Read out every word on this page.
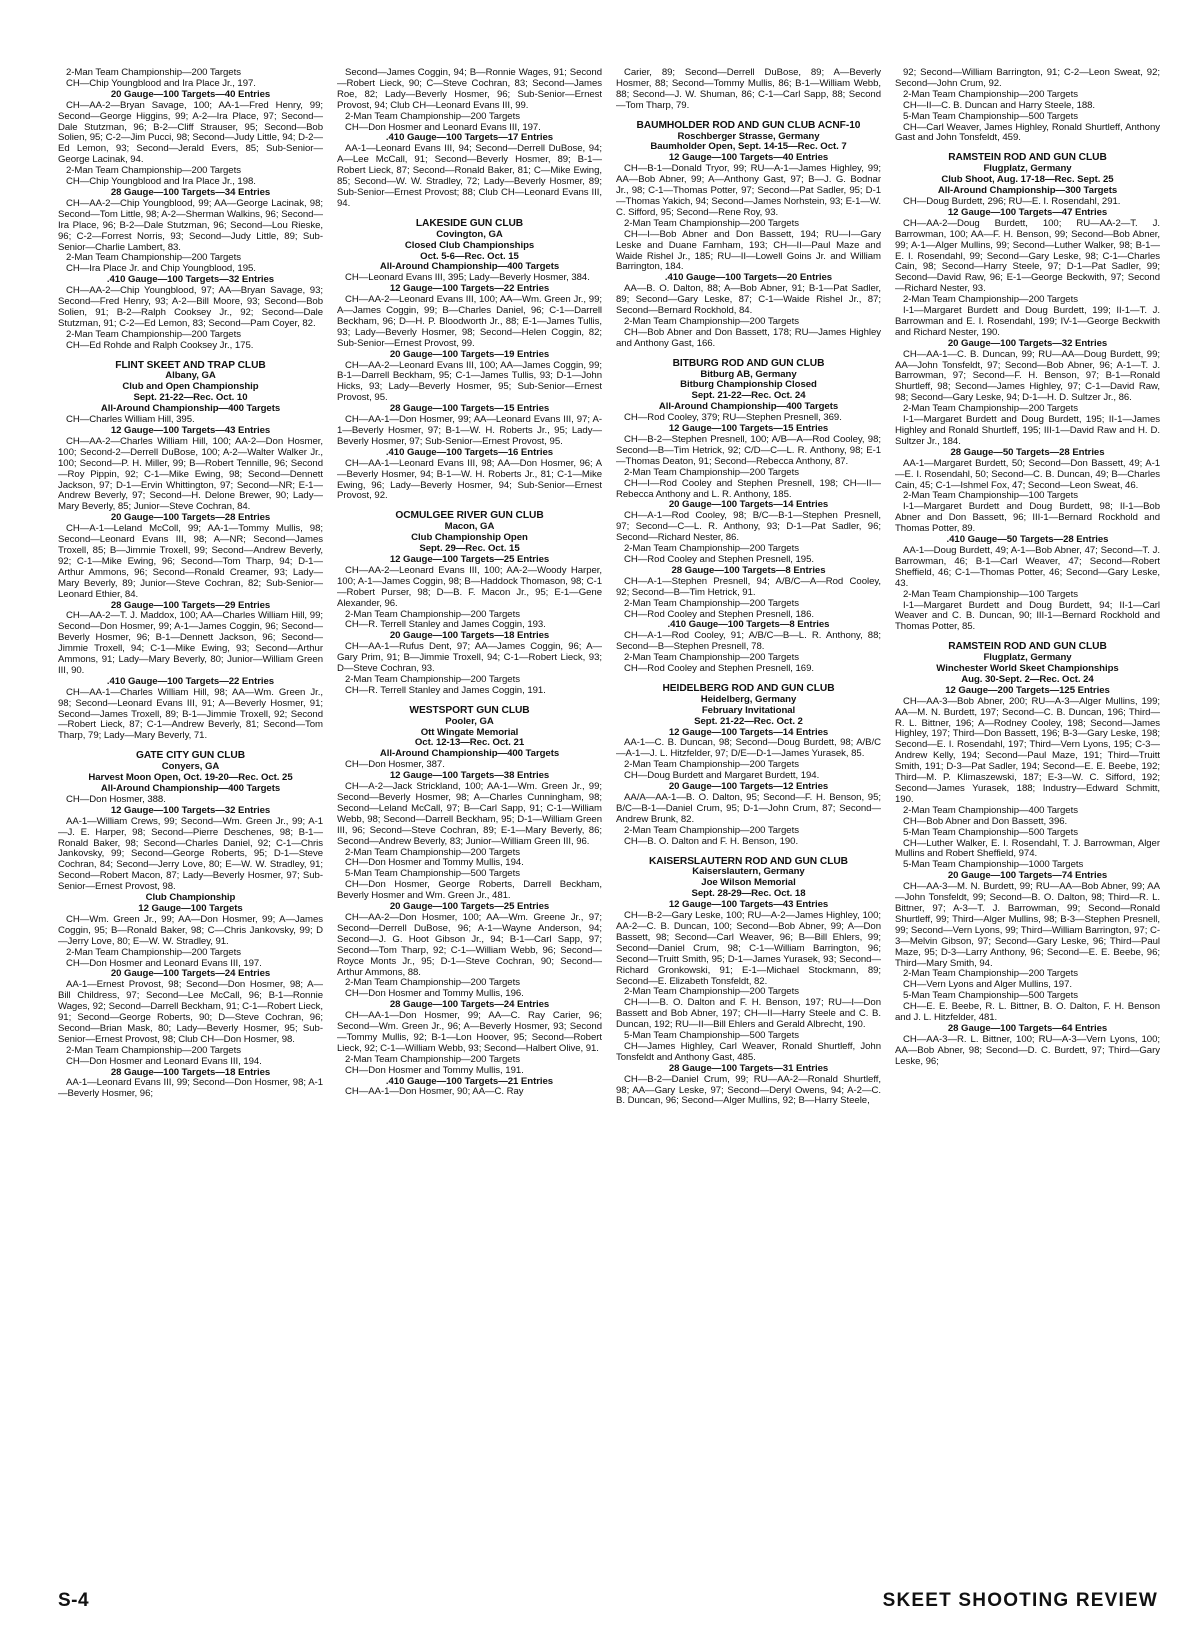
2-Man Team Championship—200 Targets

CH—Chip Youngblood and Ira Place Jr., 197.

20 Gauge—100 Targets—40 Entries

CH—AA-2—Bryan Savage, 100; AA-1—Fred Henry, 99; Second—George Higgins, 99; A-2—Ira Place, 97; Second—Dale Stutzman, 96; B-2—Cliff Strauser, 95; Second—Bob Solien, 95; C-2—Jim Pucci, 98; Second—Judy Little, 94; D-2—Ed Lemon, 93; Second—Jerald Evers, 85; Sub-Senior—George Lacinak, 94.

2-Man Team Championship—200 Targets

CH—Chip Youngblood and Ira Place Jr., 198.

28 Gauge—100 Targets—34 Entries

CH—AA-2—Chip Youngblood, 99; AA—George Lacinak, 98; Second—Tom Little, 98; A-2—Sherman Walkins, 96; Second—Ira Place, 96; B-2—Dale Stutzman, 96; Second—Lou Rieske, 96; C-2—Forrest Norris, 93; Second—Judy Little, 89; Sub-Senior—Charlie Lambert, 83.

2-Man Team Championship—200 Targets

CH—Ira Place Jr. and Chip Youngblood, 195.

.410 Gauge—100 Targets—32 Entries

CH—AA-2—Chip Youngblood, 97; AA—Bryan Savage, 93; Second—Fred Henry, 93; A-2—Bill Moore, 93; Second—Bob Solien, 91; B-2—Ralph Cooksey Jr., 92; Second—Dale Stutzman, 91; C-2—Ed Lemon, 83; Second—Pam Coyer, 82.

2-Man Team Championship—200 Targets

CH—Ed Rohde and Ralph Cooksey Jr., 175.

FLINT SKEET AND TRAP CLUB

Albany, GA

Club and Open Championship

Sept. 21-22—Rec. Oct. 10

All-Around Championship—400 Targets

CH—Charles William Hill, 395.

12 Gauge—100 Targets—43 Entries

CH—AA-2—Charles William Hill, 100; AA-2—Don Hosmer, 100; Second-2—Derrell DuBose, 100; A-2—Walter Walker Jr., 100; Second—P. H. Miller, 99; B—Robert Tennille, 96; Second—Roy Pippin, 92; C-1—Mike Ewing, 98; Second—Dennett Jackson, 97; D-1—Ervin Whittington, 97; Second—NR; E-1—Andrew Beverly, 97; Second—H. Delone Brewer, 90; Lady—Mary Beverly, 85; Junior—Steve Cochran, 84.

20 Gauge—100 Targets—28 Entries

CH—A-1—Leland McColl, 99; AA-1—Tommy Mullis, 98; Second—Leonard Evans III, 98; A—NR; Second—James Troxell, 85; B—Jimmie Troxell, 99; Second—Andrew Beverly, 92; C-1—Mike Ewing, 96; Second—Tom Tharp, 94; D-1—Arthur Ammons, 96; Second—Ronald Creamer, 93; Lady—Mary Beverly, 89; Junior—Steve Cochran, 82; Sub-Senior—Leonard Ethier, 84.

28 Gauge—100 Targets—29 Entries

CH—AA-2—T. J. Maddox, 100; AA—Charles William Hill, 99; Second—Don Hosmer, 99; A-1—James Coggin, 96; Second—Beverly Hosmer, 96; B-1—Dennett Jackson, 96; Second—Jimmie Troxell, 94; C-1—Mike Ewing, 93; Second—Arthur Ammons, 91; Lady—Mary Beverly, 80; Junior—William Green III, 90.

.410 Gauge—100 Targets—22 Entries

CH—AA-1—Charles William Hill, 98; AA—Wm. Green Jr., 98; Second—Leonard Evans III, 91; A—Beverly Hosmer, 91; Second—James Troxell, 89; B-1—Jimmie Troxell, 92; Second—Robert Lieck, 87; C-1—Andrew Beverly, 81; Second—Tom Tharp, 79; Lady—Mary Beverly, 71.

GATE CITY GUN CLUB

Conyers, GA

Harvest Moon Open, Oct. 19-20—Rec. Oct. 25

All-Around Championship—400 Targets

CH—Don Hosmer, 388.

12 Gauge—100 Targets—32 Entries

AA-1—William Crews, 99; Second—Wm. Green Jr., 99; A-1—J. E. Harper, 98; Second—Pierre Deschenes, 98; B-1—Ronald Baker, 98; Second—Charles Daniel, 92; C-1—Chris Jankovsky, 99; Second—George Roberts, 95; D-1—Steve Cochran, 84; Second—Jerry Love, 80; E—W. W. Stradley, 91; Second—Robert Macon, 87; Lady—Beverly Hosmer, 97; Sub-Senior—Ernest Provost, 98.

Club Championship

12 Gauge—100 Targets

CH—Wm. Green Jr., 99; AA—Don Hosmer, 99; A—James Coggin, 95; B—Ronald Baker, 98; C—Chris Jankovsky, 99; D—Jerry Love, 80; E—W. W. Stradley, 91.

2-Man Team Championship—200 Targets

CH—Don Hosmer and Leonard Evans III, 197.

20 Gauge—100 Targets—24 Entries

AA-1—Ernest Provost, 98; Second—Don Hosmer, 98; A—Bill Childress, 97; Second—Lee McCall, 96; B-1—Ronnie Wages, 92; Second—Darrell Beckham, 91; C-1—Robert Lieck, 91; Second—George Roberts, 90; D—Steve Cochran, 96; Second—Brian Mask, 80; Lady—Beverly Hosmer, 95; Sub-Senior—Ernest Provost, 98; Club CH—Don Hosmer, 98.

2-Man Team Championship—200 Targets

CH—Don Hosmer and Leonard Evans III, 194.

28 Gauge—100 Targets—18 Entries

AA-1—Leonard Evans III, 99; Second—Don Hosmer, 98; A-1—Beverly Hosmer, 96;

Second—James Coggin, 94; B—Ronnie Wages, 91; Second—Robert Lieck, 90; C—Steve Cochran, 83; Second—James Roe, 82; Lady—Beverly Hosmer, 96; Sub-Senior—Ernest Provost, 94; Club CH—Leonard Evans III, 99.

2-Man Team Championship—200 Targets

CH—Don Hosmer and Leonard Evans III, 197.

.410 Gauge—100 Targets—17 Entries

AA-1—Leonard Evans III, 94; Second—Derrell DuBose, 94; A—Lee McCall, 91; Second—Beverly Hosmer, 89; B-1—Robert Lieck, 87; Second—Ronald Baker, 81; C—Mike Ewing, 85; Second—W. W. Stradley, 72; Lady—Beverly Hosmer, 89; Sub-Senior—Ernest Provost; 88; Club CH—Leonard Evans III, 94.

LAKESIDE GUN CLUB

Covington, GA

Closed Club Championships

Oct. 5-6—Rec. Oct. 15

All-Around Championship—400 Targets

CH—Leonard Evans III, 395; Lady—Beverly Hosmer, 384.

12 Gauge—100 Targets—22 Entries

CH—AA-2—Leonard Evans III, 100; AA—Wm. Green Jr., 99; A—James Coggin, 99; B—Charles Daniel, 96; C-1—Darrell Beckham, 96; D—H. P. Bloodworth Jr., 88; E-1—James Tullis, 93; Lady—Beverly Hosmer, 98; Second—Helen Coggin, 82; Sub-Senior—Ernest Provost, 99.

20 Gauge—100 Targets—19 Entries

CH—AA-2—Leonard Evans III, 100; AA—James Coggin, 99; B-1—Darrell Beckham, 95; C-1—James Tullis, 93; D-1—John Hicks, 93; Lady—Beverly Hosmer, 95; Sub-Senior—Ernest Provost, 95.

28 Gauge—100 Targets—15 Entries

CH—AA-1—Don Hosmer, 99; AA—Leonard Evans III, 97; A-1—Beverly Hosmer, 97; B-1—W. H. Roberts Jr., 95; Lady—Beverly Hosmer, 97; Sub-Senior—Ernest Provost, 95.

.410 Gauge—100 Targets—16 Entries

CH—AA-1—Leonard Evans III, 98; AA—Don Hosmer, 96; A—Beverly Hosmer, 94; B-1—W. H. Roberts Jr., 81; C-1—Mike Ewing, 96; Lady—Beverly Hosmer, 94; Sub-Senior—Ernest Provost, 92.

OCMULGEE RIVER GUN CLUB

Macon, GA

Club Championship Open

Sept. 29—Rec. Oct. 15

12 Gauge—100 Targets—25 Entries

CH—AA-2—Leonard Evans III, 100; AA-2—Woody Harper, 100; A-1—James Coggin, 98; B—Haddock Thomason, 98; C-1—Robert Purser, 98; D—B. F. Macon Jr., 95; E-1—Gene Alexander, 96.

2-Man Team Championship—200 Targets

CH—R. Terrell Stanley and James Coggin, 193.

20 Gauge—100 Targets—18 Entries

CH—AA-1—Rufus Dent, 97; AA—James Coggin, 96; A—Gary Prim, 91; B—Jimmie Troxell, 94; C-1—Robert Lieck, 93; D—Steve Cochran, 93.

2-Man Team Championship—200 Targets

CH—R. Terrell Stanley and James Coggin, 191.

WESTSPORT GUN CLUB

Pooler, GA

Ott Wingate Memorial

Oct. 12-13—Rec. Oct. 21

All-Around Championship—400 Targets

CH—Don Hosmer, 387.

12 Gauge—100 Targets—38 Entries

CH—A-2—Jack Strickland, 100; AA-1—Wm. Green Jr., 99; Second—Beverly Hosmer, 98; A—Charles Cunningham, 98; Second—Leland McCall, 97; B—Carl Sapp, 91; C-1—William Webb, 98; Second—Darrell Beckham, 95; D-1—William Green III, 96; Second—Steve Cochran, 89; E-1—Mary Beverly, 86; Second—Andrew Beverly, 83; Junior—William Green III, 96.

2-Man Team Championship—200 Targets

CH—Don Hosmer and Tommy Mullis, 194.

5-Man Team Championship—500 Targets

CH—Don Hosmer, George Roberts, Darrell Beckham, Beverly Hosmer and Wm. Green Jr., 481.

20 Gauge—100 Targets—25 Entries

CH—AA-2—Don Hosmer, 100; AA—Wm. Greene Jr., 97; Second—Derrell DuBose, 96; A-1—Wayne Anderson, 94; Second—J. G. Hoot Gibson Jr., 94; B-1—Carl Sapp, 97; Second—Tom Tharp, 92; C-1—William Webb, 96; Second—Royce Monts Jr., 95; D-1—Steve Cochran, 90; Second—Arthur Ammons, 88.

2-Man Team Championship—200 Targets

CH—Don Hosmer and Tommy Mullis, 196.

28 Gauge—100 Targets—24 Entries

CH—AA-1—Don Hosmer, 99; AA—C. Ray Carier, 96; Second—Wm. Green Jr., 96; A—Beverly Hosmer, 93; Second—Tommy Mullis, 92; B-1—Lon Hoover, 95; Second—Robert Lieck, 92; C-1—William Webb, 93; Second—Halbert Olive, 91.

2-Man Team Championship—200 Targets

CH—Don Hosmer and Tommy Mullis, 191.

.410 Gauge—100 Targets—21 Entries

CH—AA-1—Don Hosmer, 90; AA—C. Ray

Carier, 89; Second—Derrell DuBose, 89; A—Beverly Hosmer, 88; Second—Tommy Mullis, 86; B-1—William Webb, 88; Second—J. W. Shuman, 86; C-1—Carl Sapp, 88; Second—Tom Tharp, 79.

BAUMHOLDER ROD AND GUN CLUB ACNF-10

Roschberger Strasse, Germany

Baumholder Open, Sept. 14-15—Rec. Oct. 7

12 Gauge—100 Targets—40 Entries

CH—B-1—Donald Tryor, 99; RU—A-1—James Highley, 99; AA—Bob Abner, 99; A—Anthony Gast, 97; B—J. G. Bodnar Jr., 98; C-1—Thomas Potter, 97; Second—Pat Sadler, 95; D-1—Thomas Yakich, 94; Second—James Norhstein, 93; E-1—W. C. Sifford, 95; Second—Rene Roy, 93.

2-Man Team Championship—200 Targets

CH—I—Bob Abner and Don Bassett, 194; RU—I—Gary Leske and Duane Farnham, 193; CH—II—Paul Maze and Waide Rishel Jr., 185; RU—II—Lowell Goins Jr. and William Barrington, 184.

.410 Gauge—100 Targets—20 Entries

AA—B. O. Dalton, 88; A—Bob Abner, 91; B-1—Pat Sadler, 89; Second—Gary Leske, 87; C-1—Waide Rishel Jr., 87; Second—Bernard Rockhold, 84.

2-Man Team Championship—200 Targets

CH—Bob Abner and Don Bassett, 178; RU—James Highley and Anthony Gast, 166.

BITBURG ROD AND GUN CLUB

Bitburg AB, Germany

Bitburg Championship Closed

Sept. 21-22—Rec. Oct. 24

All-Around Championship—400 Targets

CH—Rod Cooley, 379; RU—Stephen Presnell, 369.

12 Gauge—100 Targets—15 Entries

CH—B-2—Stephen Presnell, 100; A/B—A—Rod Cooley, 98; Second—B—Tim Hetrick, 92; C/D—C—L. R. Anthony, 98; E-1—Thomas Deaton, 91; Second—Rebecca Anthony, 87.

2-Man Team Championship—200 Targets

CH—I—Rod Cooley and Stephen Presnell, 198; CH—II—Rebecca Anthony and L. R. Anthony, 185.

20 Gauge—100 Targets—14 Entries

CH—A-1—Rod Cooley, 98; B/C—B-1—Stephen Presnell, 97; Second—C—L. R. Anthony, 93; D-1—Pat Sadler, 96; Second—Richard Nester, 86.

2-Man Team Championship—200 Targets

CH—Rod Cooley and Stephen Presnell, 195.

28 Gauge—100 Targets—8 Entries

CH—A-1—Stephen Presnell, 94; A/B/C—A—Rod Cooley, 92; Second—B—Tim Hetrick, 91.

2-Man Team Championship—200 Targets

CH—Rod Cooley and Stephen Presnell, 186.

.410 Gauge—100 Targets—8 Entries

CH—A-1—Rod Cooley, 91; A/B/C—B—L. R. Anthony, 88; Second—B—Stephen Presnell, 78.

2-Man Team Championship—200 Targets

CH—Rod Cooley and Stephen Presnell, 169.

HEIDELBERG ROD AND GUN CLUB

Heidelberg, Germany

February Invitational

Sept. 21-22—Rec. Oct. 2

12 Gauge—100 Targets—14 Entries

AA-1—C. B. Duncan, 98; Second—Doug Burdett, 98; A/B/C—A-1—J. L. Hitzfelder, 97; D/E—D-1—James Yurasek, 85.

2-Man Team Championship—200 Targets

CH—Doug Burdett and Margaret Burdett, 194.

20 Gauge—100 Targets—12 Entries

AA/A—AA-1—B. O. Dalton, 95; Second—F. H. Benson, 95; B/C—B-1—Daniel Crum, 95; D-1—John Crum, 87; Second—Andrew Brunk, 82.

2-Man Team Championship—200 Targets

CH—B. O. Dalton and F. H. Benson, 190.

KAISERSLAUTERN ROD AND GUN CLUB

Kaiserslautern, Germany

Joe Wilson Memorial

Sept. 28-29—Rec. Oct. 18

12 Gauge—100 Targets—43 Entries

CH—B-2—Gary Leske, 100; RU—A-2—James Highley, 100; AA-2—C. B. Duncan, 100; Second—Bob Abner, 99; A—Don Bassett, 98; Second—Carl Weaver, 96; B—Bill Ehlers, 99; Second—Daniel Crum, 98; C-1—William Barrington, 96; Second—Truitt Smith, 95; D-1—James Yurasek, 93; Second—Richard Gronkowski, 91; E-1—Michael Stockmann, 89; Second—E. Elizabeth Tonsfeldt, 82.

2-Man Team Championship—200 Targets

CH—I—B. O. Dalton and F. H. Benson, 197; RU—I—Don Bassett and Bob Abner, 197; CH—II—Harry Steele and C. B. Duncan, 192; RU—II—Bill Ehlers and Gerald Albrecht, 190.

5-Man Team Championship—500 Targets

CH—James Highley, Carl Weaver, Ronald Shurtleff, John Tonsfeldt and Anthony Gast, 485.

28 Gauge—100 Targets—31 Entries

CH—B-2—Daniel Crum, 99; RU—AA-2—Ronald Shurtleff, 98; AA—Gary Leske, 97; Second—Deryl Owens, 94; A-2—C. B. Duncan, 96; Second—Alger Mullins, 92; B—Harry Steele,

92; Second—William Barrington, 91; C-2—Leon Sweat, 92; Second—John Crum, 92.

2-Man Team Championship—200 Targets

CH—II—C. B. Duncan and Harry Steele, 188.

5-Man Team Championship—500 Targets

CH—Carl Weaver, James Highley, Ronald Shurtleff, Anthony Gast and John Tonsfeldt, 459.

RAMSTEIN ROD AND GUN CLUB

Flugplatz, Germany

Club Shoot, Aug. 17-18—Rec. Sept. 25

All-Around Championship—300 Targets

CH—Doug Burdett, 296; RU—E. I. Rosendahl, 291.

12 Gauge—100 Targets—47 Entries

CH—AA-2—Doug Burdett, 100; RU—AA-2—T. J. Barrowman, 100; AA—F. H. Benson, 99; Second—Bob Abner, 99; A-1—Alger Mullins, 99; Second—Luther Walker, 98; B-1—E. I. Rosendahl, 99; Second—Gary Leske, 98; C-1—Charles Cain, 98; Second—Harry Steele, 97; D-1—Pat Sadler, 99; Second—David Raw, 96; E-1—George Beckwith, 97; Second—Richard Nester, 93.

2-Man Team Championship—200 Targets

I-1—Margaret Burdett and Doug Burdett, 199; II-1—T. J. Barrowman and E. I. Rosendahl, 199; IV-1—George Beckwith and Richard Nester, 190.

20 Gauge—100 Targets—32 Entries

CH—AA-1—C. B. Duncan, 99; RU—AA—Doug Burdett, 99; AA—John Tonsfeldt, 97; Second—Bob Abner, 96; A-1—T. J. Barrowman, 97; Second—F. H. Benson, 97; B-1—Ronald Shurtleff, 98; Second—James Highley, 97; C-1—David Raw, 98; Second—Gary Leske, 94; D-1—H. D. Sultzer Jr., 86.

2-Man Team Championship—200 Targets

I-1—Margaret Burdett and Doug Burdett, 195; II-1—James Highley and Ronald Shurtleff, 195; III-1—David Raw and H. D. Sultzer Jr., 184.

28 Gauge—50 Targets—28 Entries

AA-1—Margaret Burdett, 50; Second—Don Bassett, 49; A-1—E. I. Rosendahl, 50; Second—C. B. Duncan, 49; B—Charles Cain, 45; C-1—Ishmel Fox, 47; Second—Leon Sweat, 46.

2-Man Team Championship—100 Targets

I-1—Margaret Burdett and Doug Burdett, 98; II-1—Bob Abner and Don Bassett, 96; III-1—Bernard Rockhold and Thomas Potter, 89.

.410 Gauge—50 Targets—28 Entries

AA-1—Doug Burdett, 49; A-1—Bob Abner, 47; Second—T. J. Barrowman, 46; B-1—Carl Weaver, 47; Second—Robert Sheffield, 46; C-1—Thomas Potter, 46; Second—Gary Leske, 43.

2-Man Team Championship—100 Targets

I-1—Margaret Burdett and Doug Burdett, 94; II-1—Carl Weaver and C. B. Duncan, 90; III-1—Bernard Rockhold and Thomas Potter, 85.

RAMSTEIN ROD AND GUN CLUB

Flugplatz, Germany

Winchester World Skeet Championships

Aug. 30-Sept. 2—Rec. Oct. 24

12 Gauge—200 Targets—125 Entries

CH—AA-3—Bob Abner, 200; RU—A-3—Alger Mullins, 199; AA—M. N. Burdett, 197; Second—C. B. Duncan, 196; Third—R. L. Bittner, 196; A—Rodney Cooley, 198; Second—James Highley, 197; Third—Don Bassett, 196; B-3—Gary Leske, 198; Second—E. I. Rosendahl, 197; Third—Vern Lyons, 195; C-3—Andrew Kelly, 194; Second—Paul Maze, 191; Third—Truitt Smith, 191; D-3—Pat Sadler, 194; Second—E. E. Beebe, 192; Third—M. P. Klimaszewski, 187; E-3—W. C. Sifford, 192; Second—James Yurasek, 188; Industry—Edward Schmitt, 190.

2-Man Team Championship—400 Targets

CH—Bob Abner and Don Bassett, 396.

5-Man Team Championship—500 Targets

CH—Luther Walker, E. I. Rosendahl, T. J. Barrowman, Alger Mullins and Robert Sheffield, 974.

5-Man Team Championship—1000 Targets

20 Gauge—100 Targets—74 Entries

CH—AA-3—M. N. Burdett, 99; RU—AA—Bob Abner, 99; AA—John Tonsfeldt, 99; Second—B. O. Dalton, 98; Third—R. L. Bittner, 97; A-3—T. J. Barrowman, 99; Second—Ronald Shurtleff, 99; Third—Alger Mullins, 98; B-3—Stephen Presnell, 99; Second—Vern Lyons, 99; Third—William Barrington, 97; C-3—Melvin Gibson, 97; Second—Gary Leske, 96; Third—Paul Maze, 95; D-3—Larry Anthony, 96; Second—E. E. Beebe, 96; Third—Mary Smith, 94.

2-Man Team Championship—200 Targets

CH—Vern Lyons and Alger Mullins, 197.

5-Man Team Championship—500 Targets

CH—E. E. Beebe, R. L. Bittner, B. O. Dalton, F. H. Benson and J. L. Hitzfelder, 481.

28 Gauge—100 Targets—64 Entries

CH—AA-3—R. L. Bittner, 100; RU—A-3—Vern Lyons, 100; AA—Bob Abner, 98; Second—D. C. Burdett, 97; Third—Gary Leske, 96;

S-4	SKEET SHOOTING REVIEW
